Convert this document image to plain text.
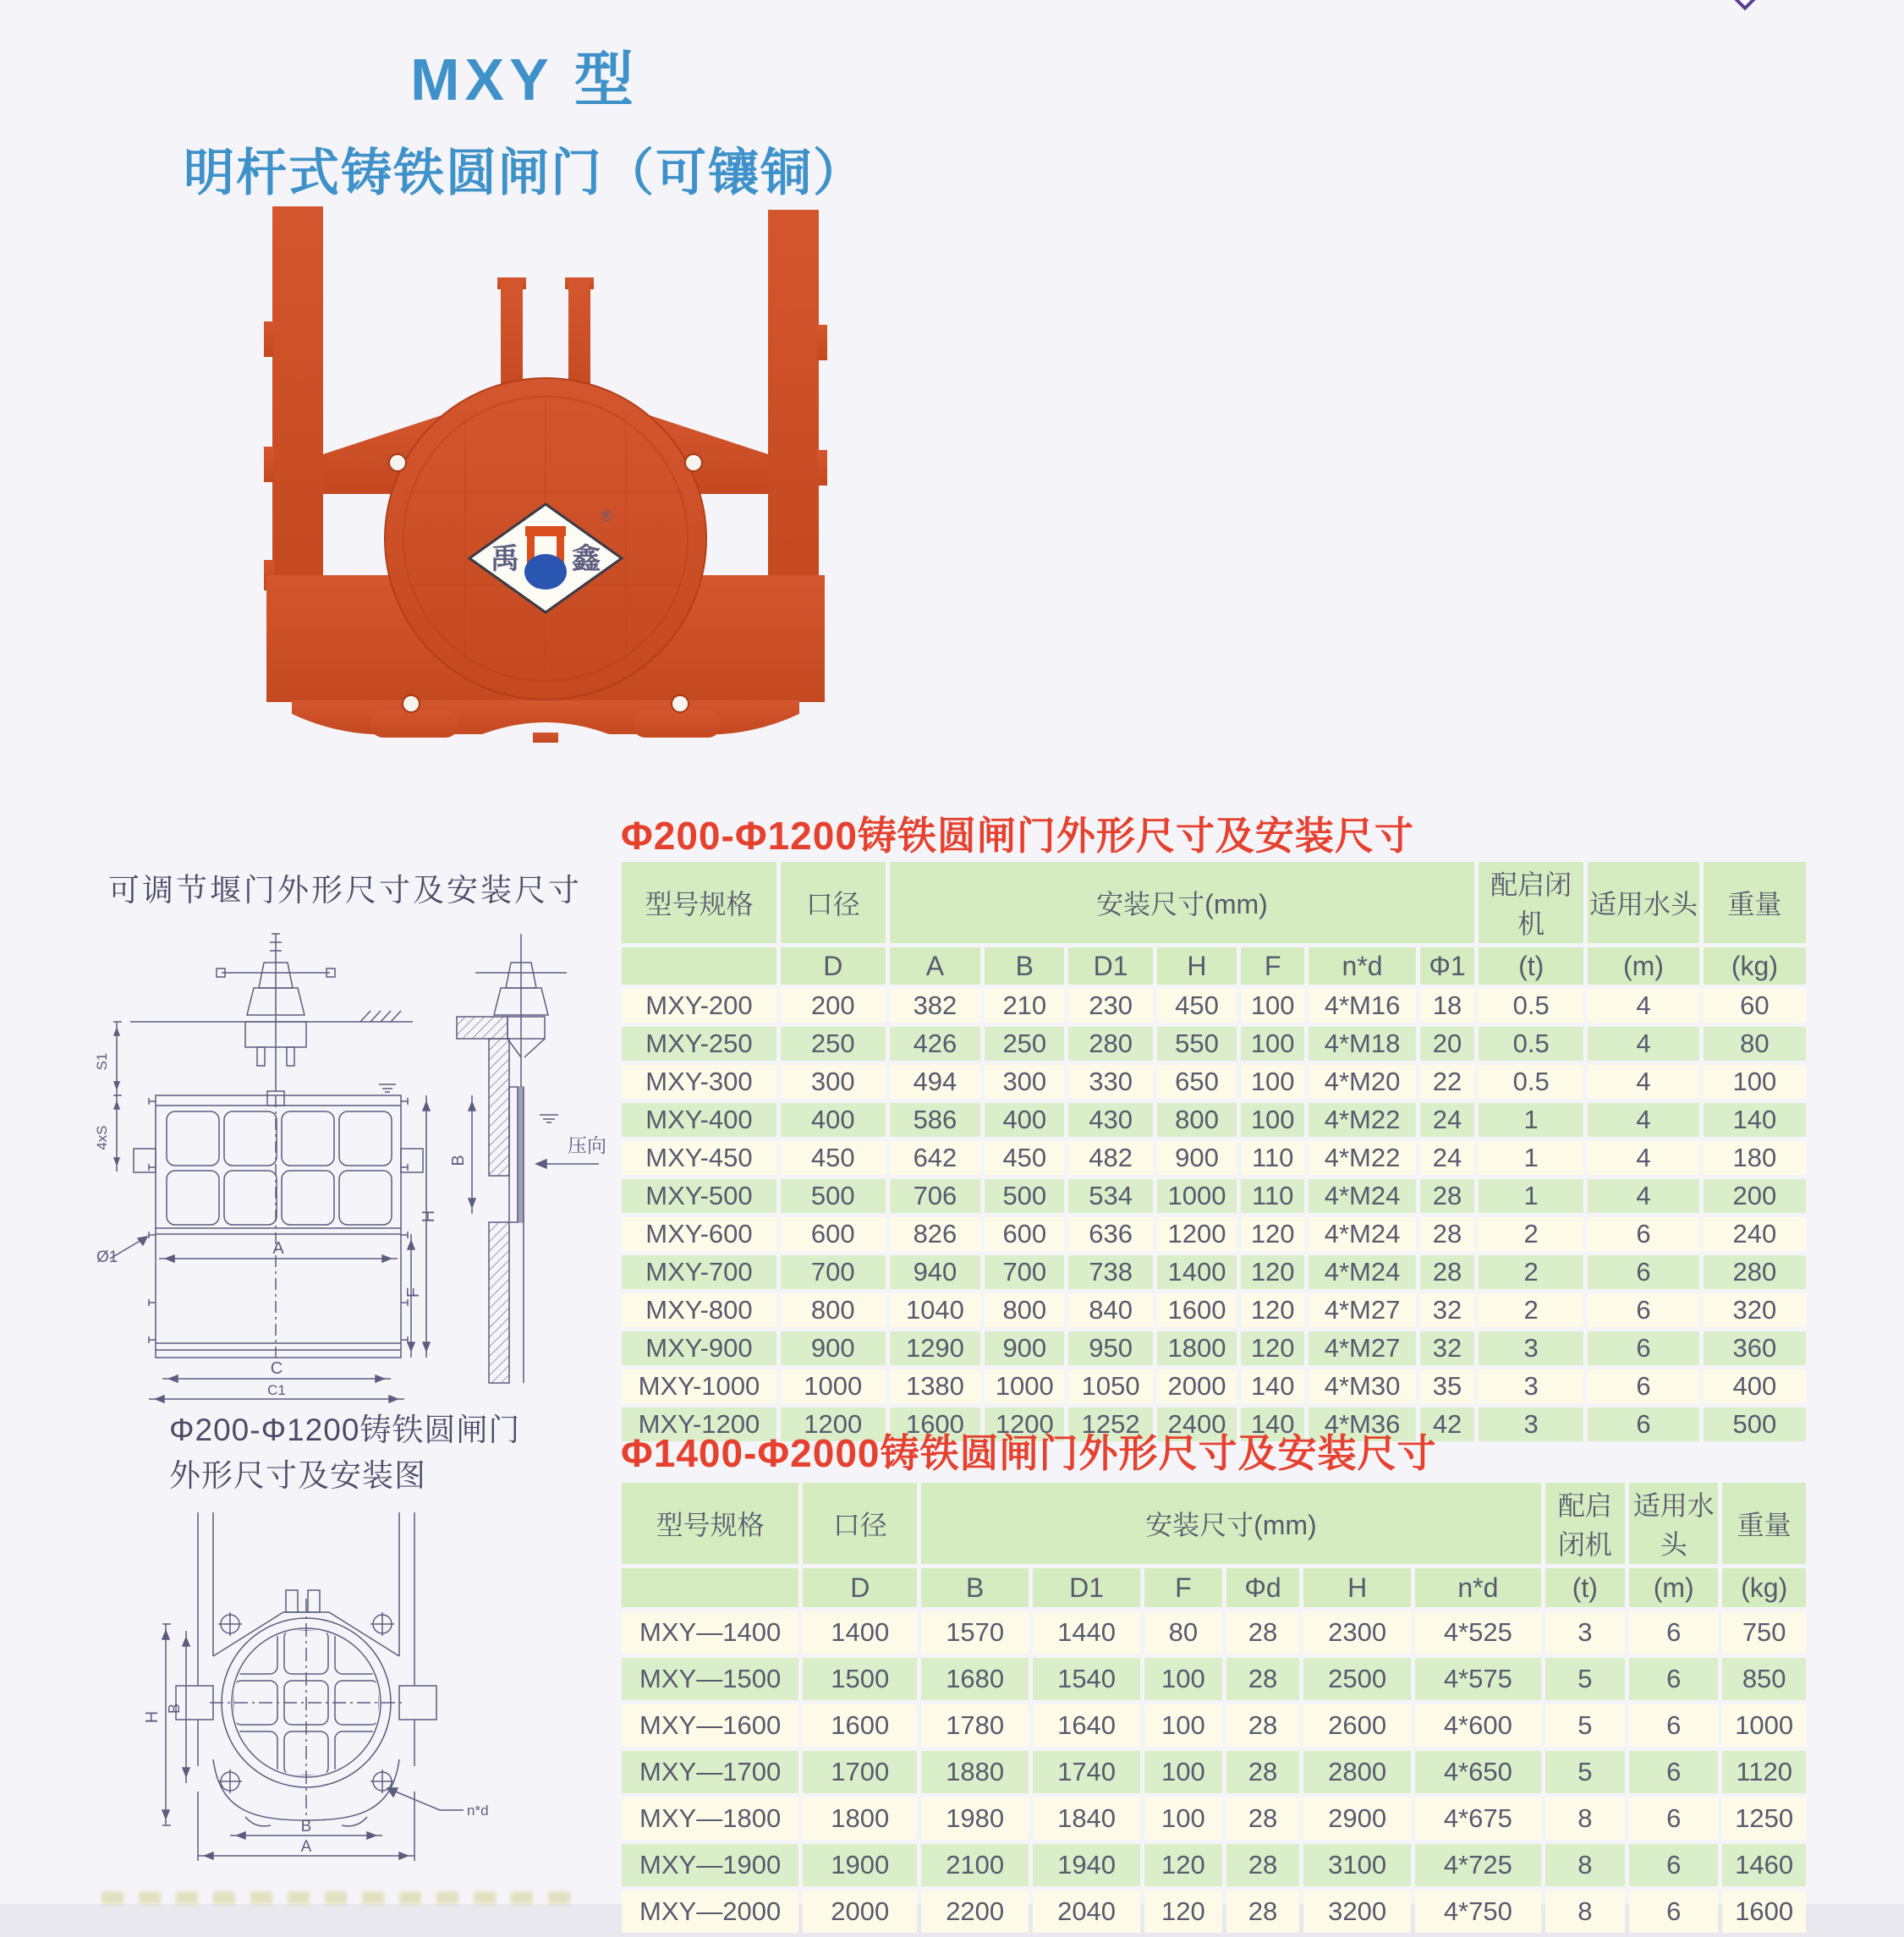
MXY 型
明杆式铸铁圆闸门（可镶铜）
禹 鑫
®
可调节堰门外形尺寸及安装尺寸
Φ200-Φ1200铸铁圆闸门
外形尺寸及安装图
S1
4xS
Ø1	A
H
F
C
C1
B
压向
H
B
B
A
n*d
Φ200-Φ1200铸铁圆闸门外形尺寸及安装尺寸
型号规格	口径	安装尺寸(mm)							配启闭机	适用水头	重量
	D	A	B	D1	H	F	n*d	Φ1	(t)	(m)	(kg)
MXY-200	200	382	210	230	450	100	4*M16	18	0.5	4	60
MXY-250	250	426	250	280	550	100	4*M18	20	0.5	4	80
MXY-300	300	494	300	330	650	100	4*M20	22	0.5	4	100
MXY-400	400	586	400	430	800	100	4*M22	24	1	4	140
MXY-450	450	642	450	482	900	110	4*M22	24	1	4	180
MXY-500	500	706	500	534	1000	110	4*M24	28	1	4	200
MXY-600	600	826	600	636	1200	120	4*M24	28	2	6	240
MXY-700	700	940	700	738	1400	120	4*M24	28	2	6	280
MXY-800	800	1040	800	840	1600	120	4*M27	32	2	6	320
MXY-900	900	1290	900	950	1800	120	4*M27	32	3	6	360
MXY-1000	1000	1380	1000	1050	2000	140	4*M30	35	3	6	400
MXY-1200	1200	1600	1200	1252	2400	140	4*M36	42	3	6	500
Φ1400-Φ2000铸铁圆闸门外形尺寸及安装尺寸
型号规格	口径	安装尺寸(mm)						配启闭机	适用水头	重量
	D	B	D1	F	Φd	H	n*d	(t)	(m)	(kg)
MXY—1400	1400	1570	1440	80	28	2300	4*525	3	6	750
MXY—1500	1500	1680	1540	100	28	2500	4*575	5	6	850
MXY—1600	1600	1780	1640	100	28	2600	4*600	5	6	1000
MXY—1700	1700	1880	1740	100	28	2800	4*650	5	6	1120
MXY—1800	1800	1980	1840	100	28	2900	4*675	8	6	1250
MXY—1900	1900	2100	1940	120	28	3100	4*725	8	6	1460
MXY—2000	2000	2200	2040	120	28	3200	4*750	8	6	1600
